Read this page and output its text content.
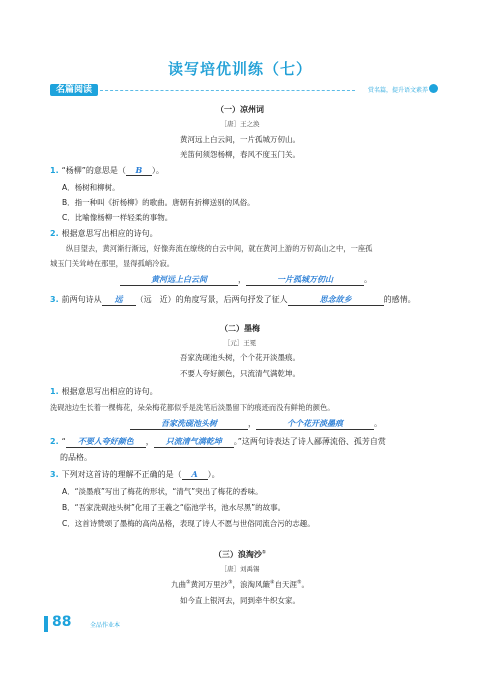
读写培优训练（七）
名篇阅读	赏名篇，提升语文素养
（一）凉州词
［唐］王之涣
黄河远上白云间，一片孤城万仞山。
羌笛何须怨杨柳，春风不度玉门关。
1. “杨柳”的意思是（ B ）。
A．杨树和柳树。
B．指一种叫《折杨柳》的歌曲。唐朝有折柳送别的风俗。
C．比喻像杨柳一样轻柔的事物。
2. 根据意思写出相应的诗句。
纵目望去，黄河渐行渐远，好像奔流在缭绕的白云中间，就在黄河上游的万仞高山之中，一座孤
城玉门关耸峙在那里，显得孤峭冷寂。
黄河远上白云间	，	一片孤城万仞山	。
3. 前两句诗从 远 （远　近）的角度写景，后两句抒发了征人	思念故乡	的感情。
（二）墨梅
［元］王冕
吾家洗砚池头树，个个花开淡墨痕。
不要人夸好颜色，只流清气满乾坤。
1. 根据意思写出相应的诗句。
洗砚池边生长着一棵梅花，朵朵梅花都似乎是洗笔后淡墨留下的痕迹而没有鲜艳的颜色。
吾家洗砚池头树	，	个个花开淡墨痕	。
2. “ 不要人夸好颜色 ， 只流清气满乾坤 。”这两句诗表达了诗人鄙薄流俗、孤芳自赏
的品格。
3. 下列对这首诗的理解不正确的是（ A ）。
A．“淡墨痕”写出了梅花的形状，“清气”突出了梅花的香味。
B．“吾家洗砚池头树”化用了王羲之“临池学书，池水尽黑”的故事。
C．这首诗赞颂了墨梅的高尚品格，表现了诗人不愿与世俗同流合污的志趣。
（三）浪淘沙①
［唐］刘禹锡
九曲②黄河万里沙③，浪淘风簸④自天涯⑤。
如今直上银河去，同到牵牛织女家。
88	全品作业本
